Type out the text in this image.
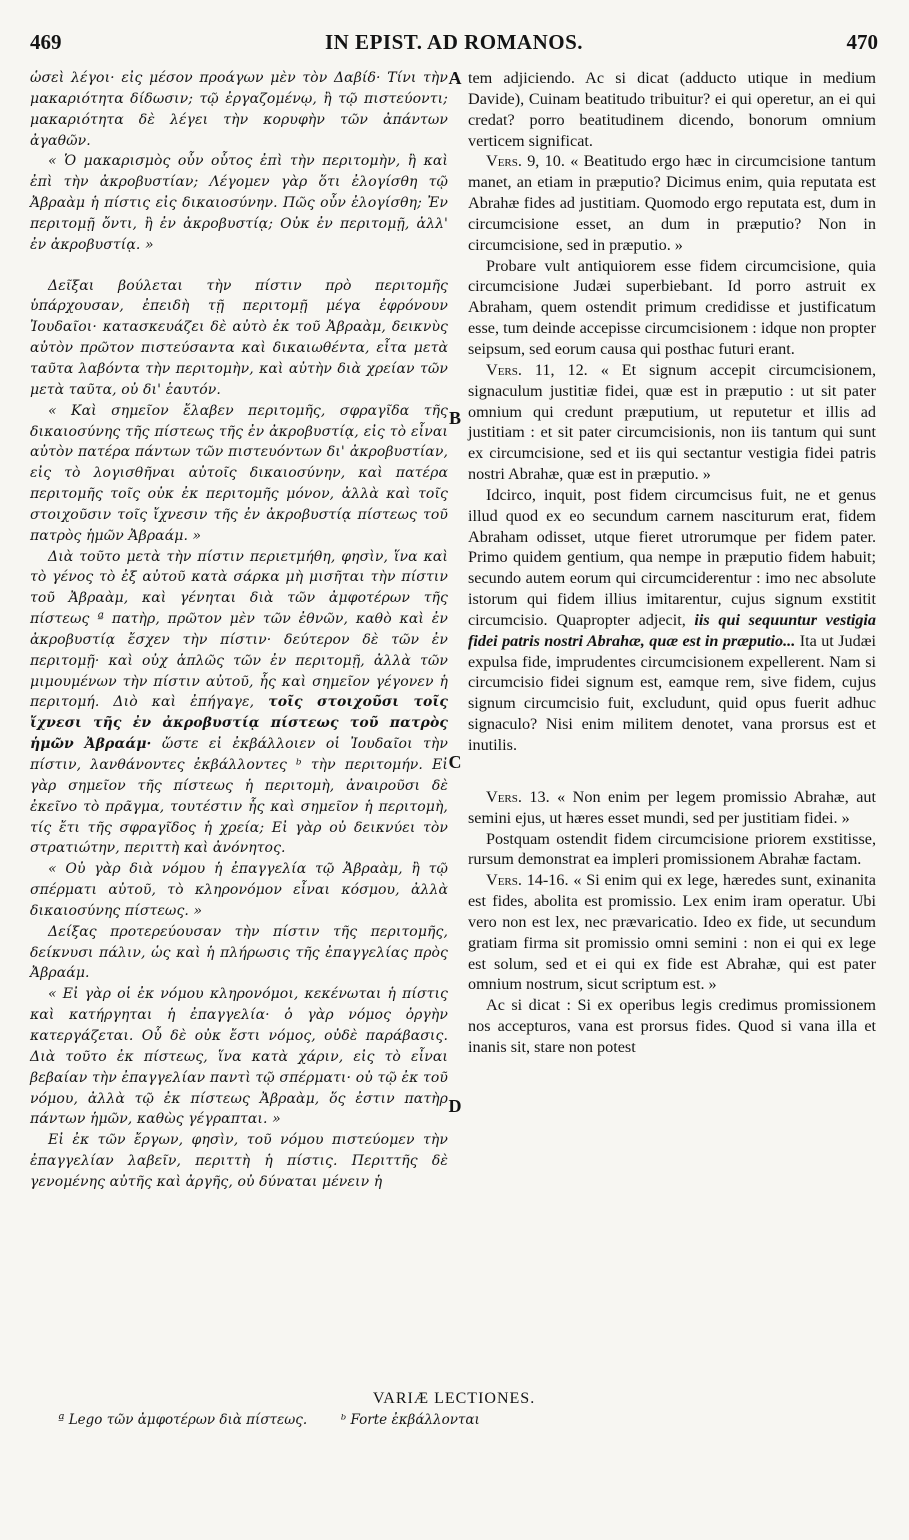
469	IN EPIST. AD ROMANOS.	470

ὡσεὶ λέγοι· εἰς μέσον προάγων μὲν τὸν Δαβίδ· Τίνι τὴν μακαριότητα δίδωσιν; τῷ ἐργαζομένῳ, ἢ τῷ πιστεύοντι; μακαριότητα δὲ λέγει τὴν κορυφὴν τῶν ἀπάντων ἀγαθῶν.

« Ὁ μακαρισμὸς οὖν οὗτος ἐπὶ τὴν περιτομὴν, ἢ καὶ ἐπὶ τὴν ἀκροβυστίαν; Λέγομεν γὰρ ὅτι ἐλογίσθη τῷ Ἀβραὰμ ἡ πίστις εἰς δικαιοσύνην. Πῶς οὖν ἐλογίσθη; Ἐν περιτομῇ ὄντι, ἢ ἐν ἀκροβυστίᾳ; Οὐκ ἐν περιτομῇ, ἀλλ' ἐν ἀκροβυστίᾳ. »

Δεῖξαι βούλεται τὴν πίστιν πρὸ περιτομῆς ὑπάρχουσαν, ἐπειδὴ τῇ περιτομῇ μέγα ἐφρόνουν Ἰουδαῖοι· κατασκευάζει δὲ αὐτὸ ἐκ τοῦ Ἀβραὰμ, δεικνὺς αὐτὸν πρῶτον πιστεύσαντα καὶ δικαιωθέντα, εἶτα μετὰ ταῦτα λαβόντα τὴν περιτομὴν, καὶ αὐτὴν διὰ χρείαν τῶν μετὰ ταῦτα, οὐ δι' ἑαυτόν.

« Καὶ σημεῖον ἔλαβεν περιτομῆς, σφραγῖδα τῆς δικαιοσύνης τῆς πίστεως τῆς ἐν ἀκροβυστίᾳ, εἰς τὸ εἶναι αὐτὸν πατέρα πάντων τῶν πιστευόντων δι' ἀκροβυστίαν, εἰς τὸ λογισθῆναι αὐτοῖς δικαιοσύνην, καὶ πατέρα περιτομῆς τοῖς οὐκ ἐκ περιτομῆς μόνον, ἀλλὰ καὶ τοῖς στοιχοῦσιν τοῖς ἴχνεσιν τῆς ἐν ἀκροβυστίᾳ πίστεως τοῦ πατρὸς ἡμῶν Ἀβραάμ. »

Διὰ τοῦτο μετὰ τὴν πίστιν περιετμήθη, φησὶν, ἵνα καὶ τὸ γένος τὸ ἐξ αὐτοῦ κατὰ σάρκα μὴ μισῆται τὴν πίστιν τοῦ Ἀβραὰμ, καὶ γένηται διὰ τῶν ἀμφοτέρων τῆς πίστεως ª πατὴρ, πρῶτον μὲν τῶν ἐθνῶν, καθὸ καὶ ἐν ἀκροβυστίᾳ ἔσχεν τὴν πίστιν· δεύτερον δὲ τῶν ἐν περιτομῇ· καὶ οὐχ ἁπλῶς τῶν ἐν περιτομῇ, ἀλλὰ τῶν μιμουμένων τὴν πίστιν αὐτοῦ, ἧς καὶ σημεῖον γέγονεν ἡ περιτομή. Διὸ καὶ ἐπήγαγε, τοῖς στοιχοῦσι τοῖς ἴχνεσι τῆς ἐν ἀκροβυστίᾳ πίστεως τοῦ πατρὸς ἡμῶν Ἀβραάμ· ὥστε εἰ ἐκβάλλοιεν οἱ Ἰουδαῖοι τὴν πίστιν, λανθάνοντες ἐκβάλλοντες ᵇ τὴν περιτομήν. Εἰ γὰρ σημεῖον τῆς πίστεως ἡ περιτομὴ, ἀναιροῦσι δὲ ἐκεῖνο τὸ πρᾶγμα, τουτέστιν ἧς καὶ σημεῖον ἡ περιτομὴ, τίς ἔτι τῆς σφραγῖδος ἡ χρεία; Εἰ γὰρ οὐ δεικνύει τὸν στρατιώτην, περιττὴ καὶ ἀνόνητος.

« Οὐ γὰρ διὰ νόμου ἡ ἐπαγγελία τῷ Ἀβραὰμ, ἢ τῷ σπέρματι αὐτοῦ, τὸ κληρονόμον εἶναι κόσμου, ἀλλὰ δικαιοσύνης πίστεως. »

Δείξας προτερεύουσαν τὴν πίστιν τῆς περιτομῆς, δείκνυσι πάλιν, ὡς καὶ ἡ πλήρωσις τῆς ἐπαγγελίας πρὸς Ἀβραάμ.

« Εἰ γὰρ οἱ ἐκ νόμου κληρονόμοι, κεκένωται ἡ πίστις καὶ κατήργηται ἡ ἐπαγγελία· ὁ γὰρ νόμος ὀργὴν κατεργάζεται. Οὗ δὲ οὐκ ἔστι νόμος, οὐδὲ παράβασις. Διὰ τοῦτο ἐκ πίστεως, ἵνα κατὰ χάριν, εἰς τὸ εἶναι βεβαίαν τὴν ἐπαγγελίαν παντὶ τῷ σπέρματι· οὐ τῷ ἐκ τοῦ νόμου, ἀλλὰ τῷ ἐκ πίστεως Ἀβραὰμ, ὅς ἐστιν πατὴρ πάντων ἡμῶν, καθὼς γέγραπται. »

Εἰ ἐκ τῶν ἔργων, φησὶν, τοῦ νόμου πιστεύομεν τὴν ἐπαγγελίαν λαβεῖν, περιττὴ ἡ πίστις. Περιττῆς δὲ γενομένης αὐτῆς καὶ ἀργῆς, οὐ δύναται μένειν ἡ

A
B
C
D

tem adjiciendo. Ac si dicat (adducto utique in medium Davide), Cuinam beatitudo tribuitur? ei qui operetur, an ei qui credat? porro beatitudinem dicendo, bonorum omnium verticem significat.

Vers. 9, 10. « Beatitudo ergo hæc in circumcisione tantum manet, an etiam in præputio? Dicimus enim, quia reputata est Abrahæ fides ad justitiam. Quomodo ergo reputata est, dum in circumcisione esset, an dum in præputio? Non in circumcisione, sed in præputio. »

Probare vult antiquiorem esse fidem circumcisione, quia circumcisione Judæi superbiebant. Id porro astruit ex Abraham, quem ostendit primum credidisse et justificatum esse, tum deinde accepisse circumcisionem : idque non propter seipsum, sed eorum causa qui posthac futuri erant.

Vers. 11, 12. « Et signum accepit circumcisionem, signaculum justitiæ fidei, quæ est in præputio : ut sit pater omnium qui credunt præputium, ut reputetur et illis ad justitiam : et sit pater circumcisionis, non iis tantum qui sunt ex circumcisione, sed et iis qui sectantur vestigia fidei patris nostri Abrahæ, quæ est in præputio. »

Idcirco, inquit, post fidem circumcisus fuit, ne et genus illud quod ex eo secundum carnem nasciturum erat, fidem Abraham odisset, utque fieret utrorumque per fidem pater. Primo quidem gentium, qua nempe in præputio fidem habuit; secundo autem eorum qui circumciderentur : imo nec absolute istorum qui fidem illius imitarentur, cujus signum exstitit circumcisio. Quapropter adjecit, iis qui sequuntur vestigia fidei patris nostri Abrahæ, quæ est in præputio... Ita ut Judæi expulsa fide, imprudentes circumcisionem expellerent. Nam si circumcisio fidei signum est, eamque rem, sive fidem, cujus signum circumcisio fuit, excludunt, quid opus fuerit adhuc signaculo? Nisi enim militem denotet, vana prorsus est et inutilis.

Vers. 13. « Non enim per legem promissio Abrahæ, aut semini ejus, ut hæres esset mundi, sed per justitiam fidei. »

Postquam ostendit fidem circumcisione priorem exstitisse, rursum demonstrat ea impleri promissionem Abrahæ factam.

Vers. 14-16. « Si enim qui ex lege, hæredes sunt, exinanita est fides, abolita est promissio. Lex enim iram operatur. Ubi vero non est lex, nec prævaricatio. Ideo ex fide, ut secundum gratiam firma sit promissio omni semini : non ei qui ex lege est solum, sed et ei qui ex fide est Abrahæ, qui est pater omnium nostrum, sicut scriptum est. »

Ac si dicat : Si ex operibus legis credimus promissionem nos accepturos, vana est prorsus fides. Quod si vana illa et inanis sit, stare non potest

VARIÆ LECTIONES.
ª Lego τῶν ἀμφοτέρων διὰ πίστεως.	ᵇ Forte ἐκβάλλονται
